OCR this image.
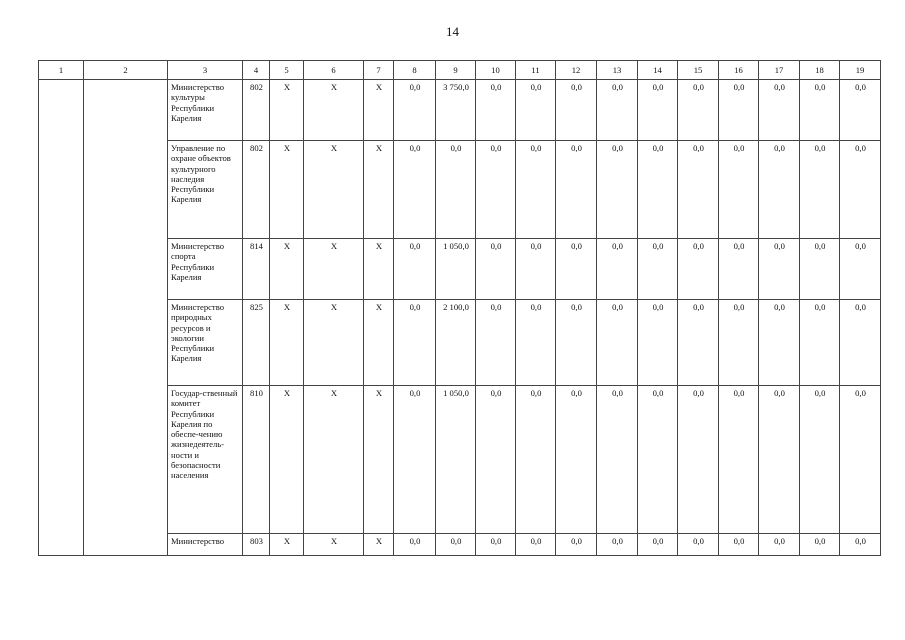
14
1	2	3	4	5	6	7	8	9	10	11	12	13	14	15	16	17	18	19
		Министерство культуры Республики Карелия	802	X	X	X	0,0	3 750,0	0,0	0,0	0,0	0,0	0,0	0,0	0,0	0,0	0,0	0,0
		Управление по охране объектов культурного наследия Республики Карелия	802	X	X	X	0,0	0,0	0,0	0,0	0,0	0,0	0,0	0,0	0,0	0,0	0,0	0,0
		Министерство спорта Республики Карелия	814	X	X	X	0,0	1 050,0	0,0	0,0	0,0	0,0	0,0	0,0	0,0	0,0	0,0	0,0
		Министерство природных ресурсов и экологии Республики Карелия	825	X	X	X	0,0	2 100,0	0,0	0,0	0,0	0,0	0,0	0,0	0,0	0,0	0,0	0,0
		Государ-ственный комитет Республики Карелия по обеспе-чению жизнедеятель-ности и безопасности населения	810	X	X	X	0,0	1 050,0	0,0	0,0	0,0	0,0	0,0	0,0	0,0	0,0	0,0	0,0
		Министерство	803	X	X	X	0,0	0,0	0,0	0,0	0,0	0,0	0,0	0,0	0,0	0,0	0,0	0,0
